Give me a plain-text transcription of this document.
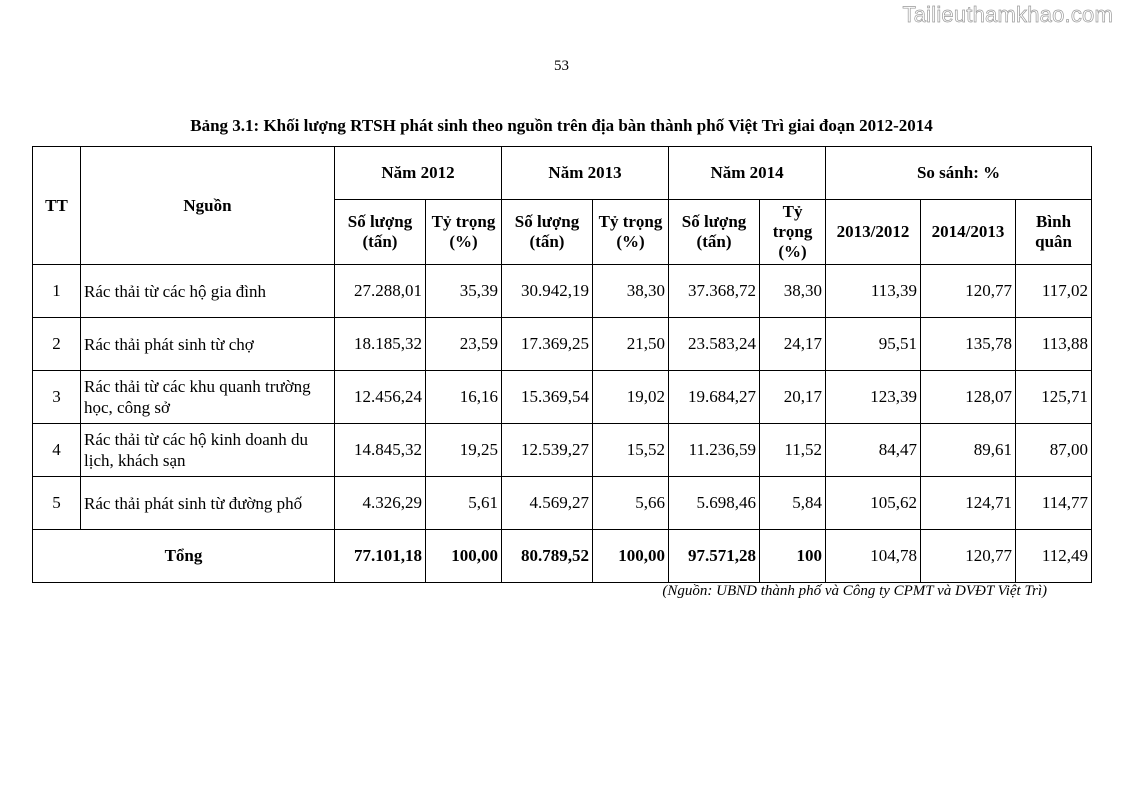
Tailieuthamkhao.com
53
Bảng 3.1: Khối lượng RTSH phát sinh theo nguồn trên địa bàn thành phố Việt Trì giai đoạn 2012-2014
TT	Nguồn	Năm 2012		Năm 2013		Năm 2014		So sánh: %		
		Số lượng (tấn)	Tỷ trọng (%)	Số lượng (tấn)	Tỷ trọng (%)	Số lượng (tấn)	Tỷ trọng (%)	2013/2012	2014/2013	Bình quân
1	Rác thải từ các hộ gia đình	27.288,01	35,39	30.942,19	38,30	37.368,72	38,30	113,39	120,77	117,02
2	Rác thải phát sinh từ chợ	18.185,32	23,59	17.369,25	21,50	23.583,24	24,17	95,51	135,78	113,88
3	Rác thải từ các khu quanh trường học, công sở	12.456,24	16,16	15.369,54	19,02	19.684,27	20,17	123,39	128,07	125,71
4	Rác thải từ các hộ kinh doanh du lịch, khách sạn	14.845,32	19,25	12.539,27	15,52	11.236,59	11,52	84,47	89,61	87,00
5	Rác thải phát sinh từ đường phố	4.326,29	5,61	4.569,27	5,66	5.698,46	5,84	105,62	124,71	114,77
Tổng		77.101,18	100,00	80.789,52	100,00	97.571,28	100	104,78	120,77	112,49
(Nguồn: UBND thành phố và Công ty CPMT và DVĐT Việt Trì)
